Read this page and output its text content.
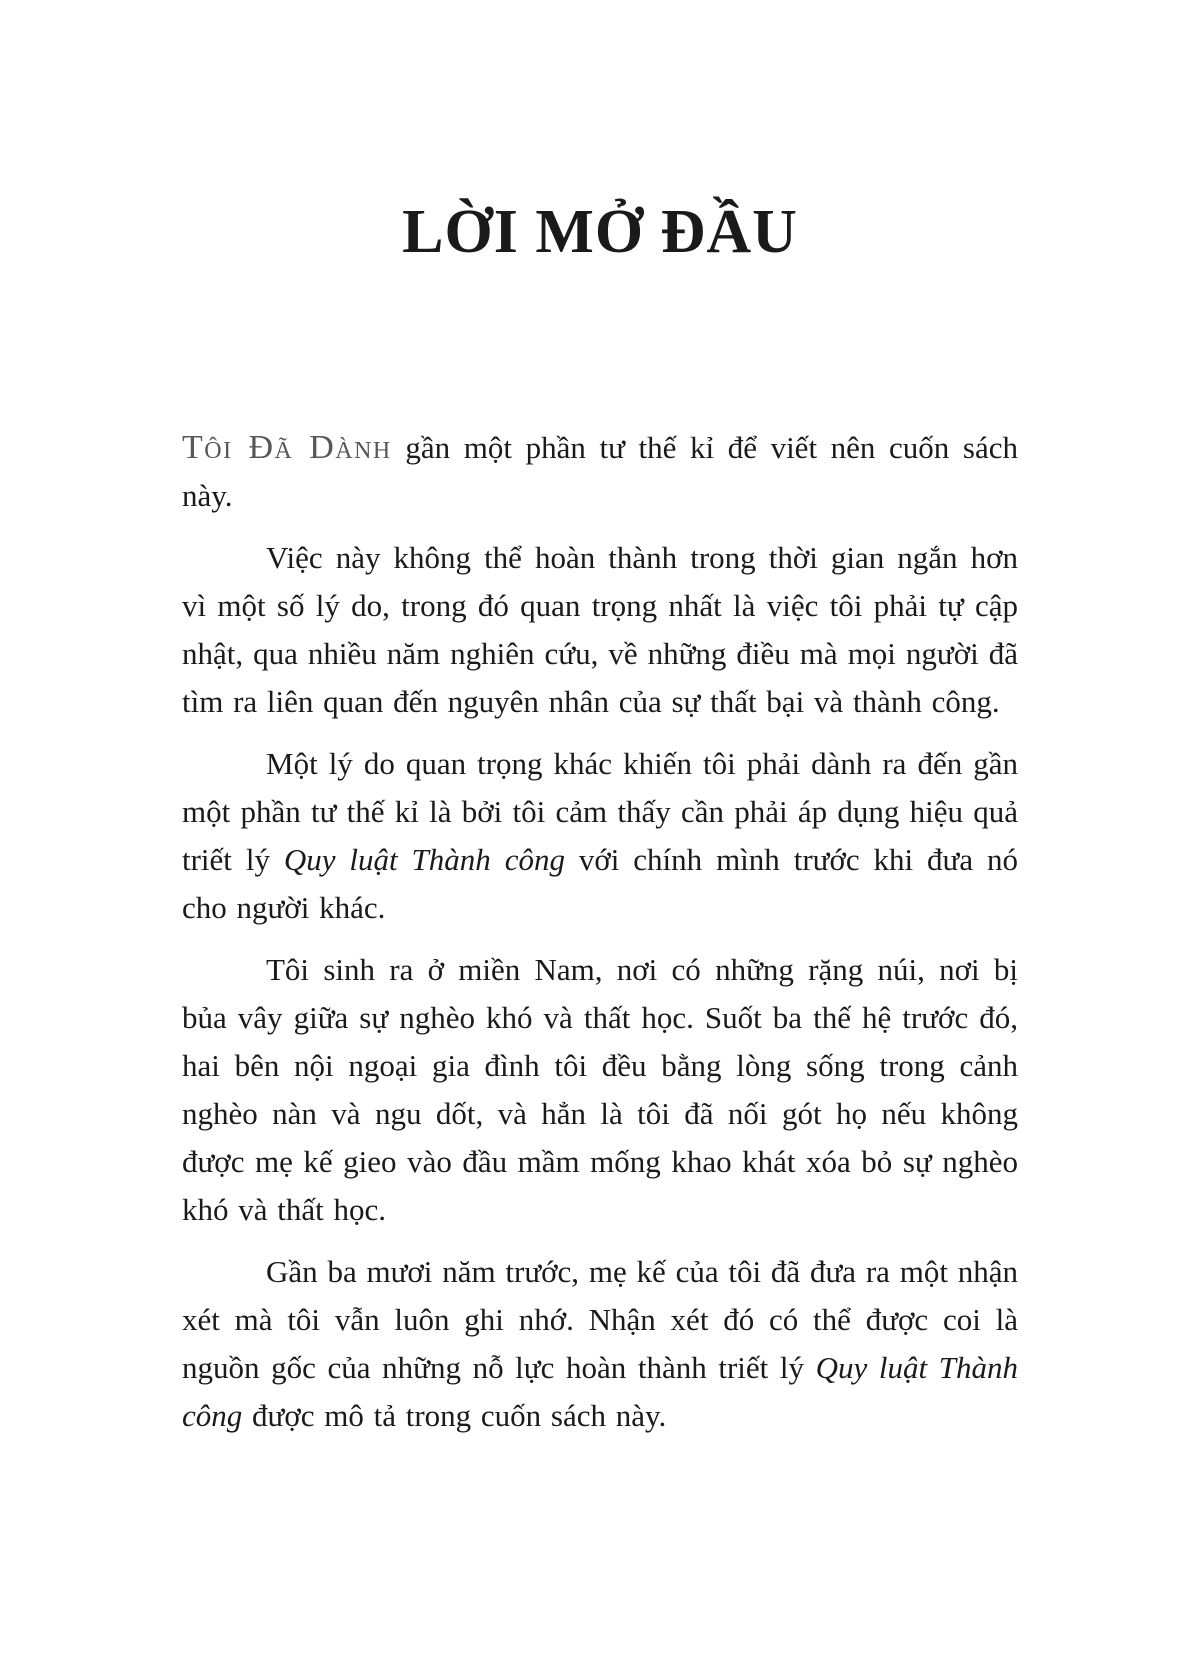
LỜI MỞ ĐẦU

Tôi Đã Dành gần một phần tư thế kỉ để viết nên cuốn sách này.

Việc này không thể hoàn thành trong thời gian ngắn hơn vì một số lý do, trong đó quan trọng nhất là việc tôi phải tự cập nhật, qua nhiều năm nghiên cứu, về những điều mà mọi người đã tìm ra liên quan đến nguyên nhân của sự thất bại và thành công.

Một lý do quan trọng khác khiến tôi phải dành ra đến gần một phần tư thế kỉ là bởi tôi cảm thấy cần phải áp dụng hiệu quả triết lý Quy luật Thành công với chính mình trước khi đưa nó cho người khác.

Tôi sinh ra ở miền Nam, nơi có những rặng núi, nơi bị bủa vây giữa sự nghèo khó và thất học. Suốt ba thế hệ trước đó, hai bên nội ngoại gia đình tôi đều bằng lòng sống trong cảnh nghèo nàn và ngu dốt, và hẳn là tôi đã nối gót họ nếu không được mẹ kế gieo vào đầu mầm mống khao khát xóa bỏ sự nghèo khó và thất học.

Gần ba mươi năm trước, mẹ kế của tôi đã đưa ra một nhận xét mà tôi vẫn luôn ghi nhớ. Nhận xét đó có thể được coi là nguồn gốc của những nỗ lực hoàn thành triết lý Quy luật Thành công được mô tả trong cuốn sách này.
